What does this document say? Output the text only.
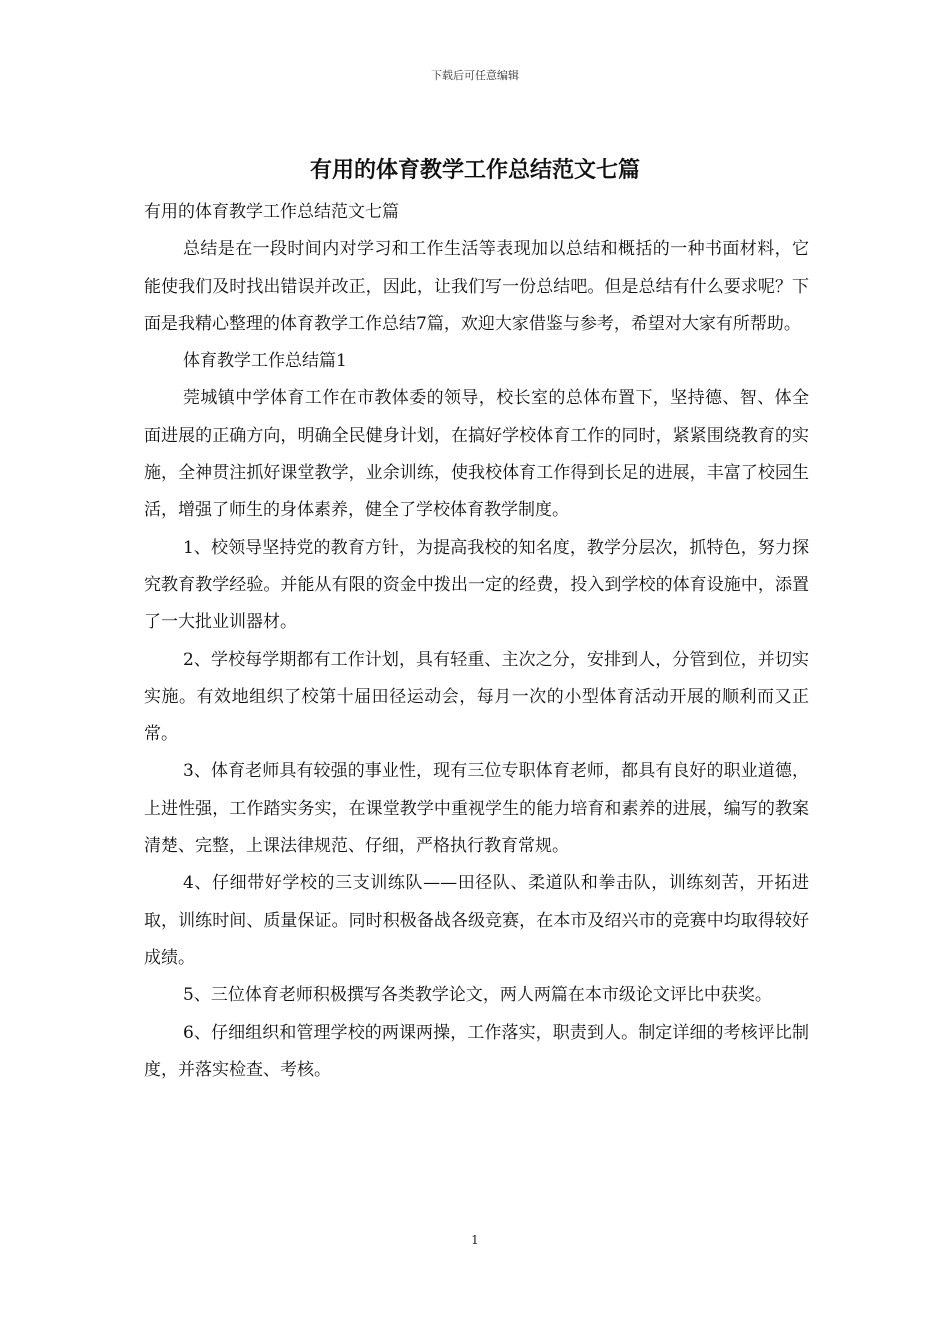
下载后可任意编辑
有用的体育教学工作总结范文七篇

有用的体育教学工作总结范文七篇

总结是在一段时间内对学习和工作生活等表现加以总结和概括的一种书面材料，它能使我们及时找出错误并改正，因此，让我们写一份总结吧。但是总结有什么要求呢？下面是我精心整理的体育教学工作总结7篇，欢迎大家借鉴与参考，希望对大家有所帮助。

体育教学工作总结篇1

莞城镇中学体育工作在市教体委的领导，校长室的总体布置下，坚持德、智、体全面进展的正确方向，明确全民健身计划，在搞好学校体育工作的同时，紧紧围绕教育的实施，全神贯注抓好课堂教学，业余训练，使我校体育工作得到长足的进展，丰富了校园生活，增强了师生的身体素养，健全了学校体育教学制度。

1、校领导坚持党的教育方针，为提高我校的知名度，教学分层次，抓特色，努力探究教育教学经验。并能从有限的资金中拨出一定的经费，投入到学校的体育设施中，添置了一大批业训器材。

2、学校每学期都有工作计划，具有轻重、主次之分，安排到人，分管到位，并切实实施。有效地组织了校第十届田径运动会，每月一次的小型体育活动开展的顺利而又正常。

3、体育老师具有较强的事业性，现有三位专职体育老师，都具有良好的职业道德，上进性强，工作踏实务实，在课堂教学中重视学生的能力培育和素养的进展，编写的教案清楚、完整，上课法律规范、仔细，严格执行教育常规。

4、仔细带好学校的三支训练队——田径队、柔道队和拳击队，训练刻苦，开拓进取，训练时间、质量保证。同时积极备战各级竞赛，在本市及绍兴市的竞赛中均取得较好成绩。

5、三位体育老师积极撰写各类教学论文，两人两篇在本市级论文评比中获奖。

6、仔细组织和管理学校的两课两操，工作落实，职责到人。制定详细的考核评比制度，并落实检查、考核。

1
